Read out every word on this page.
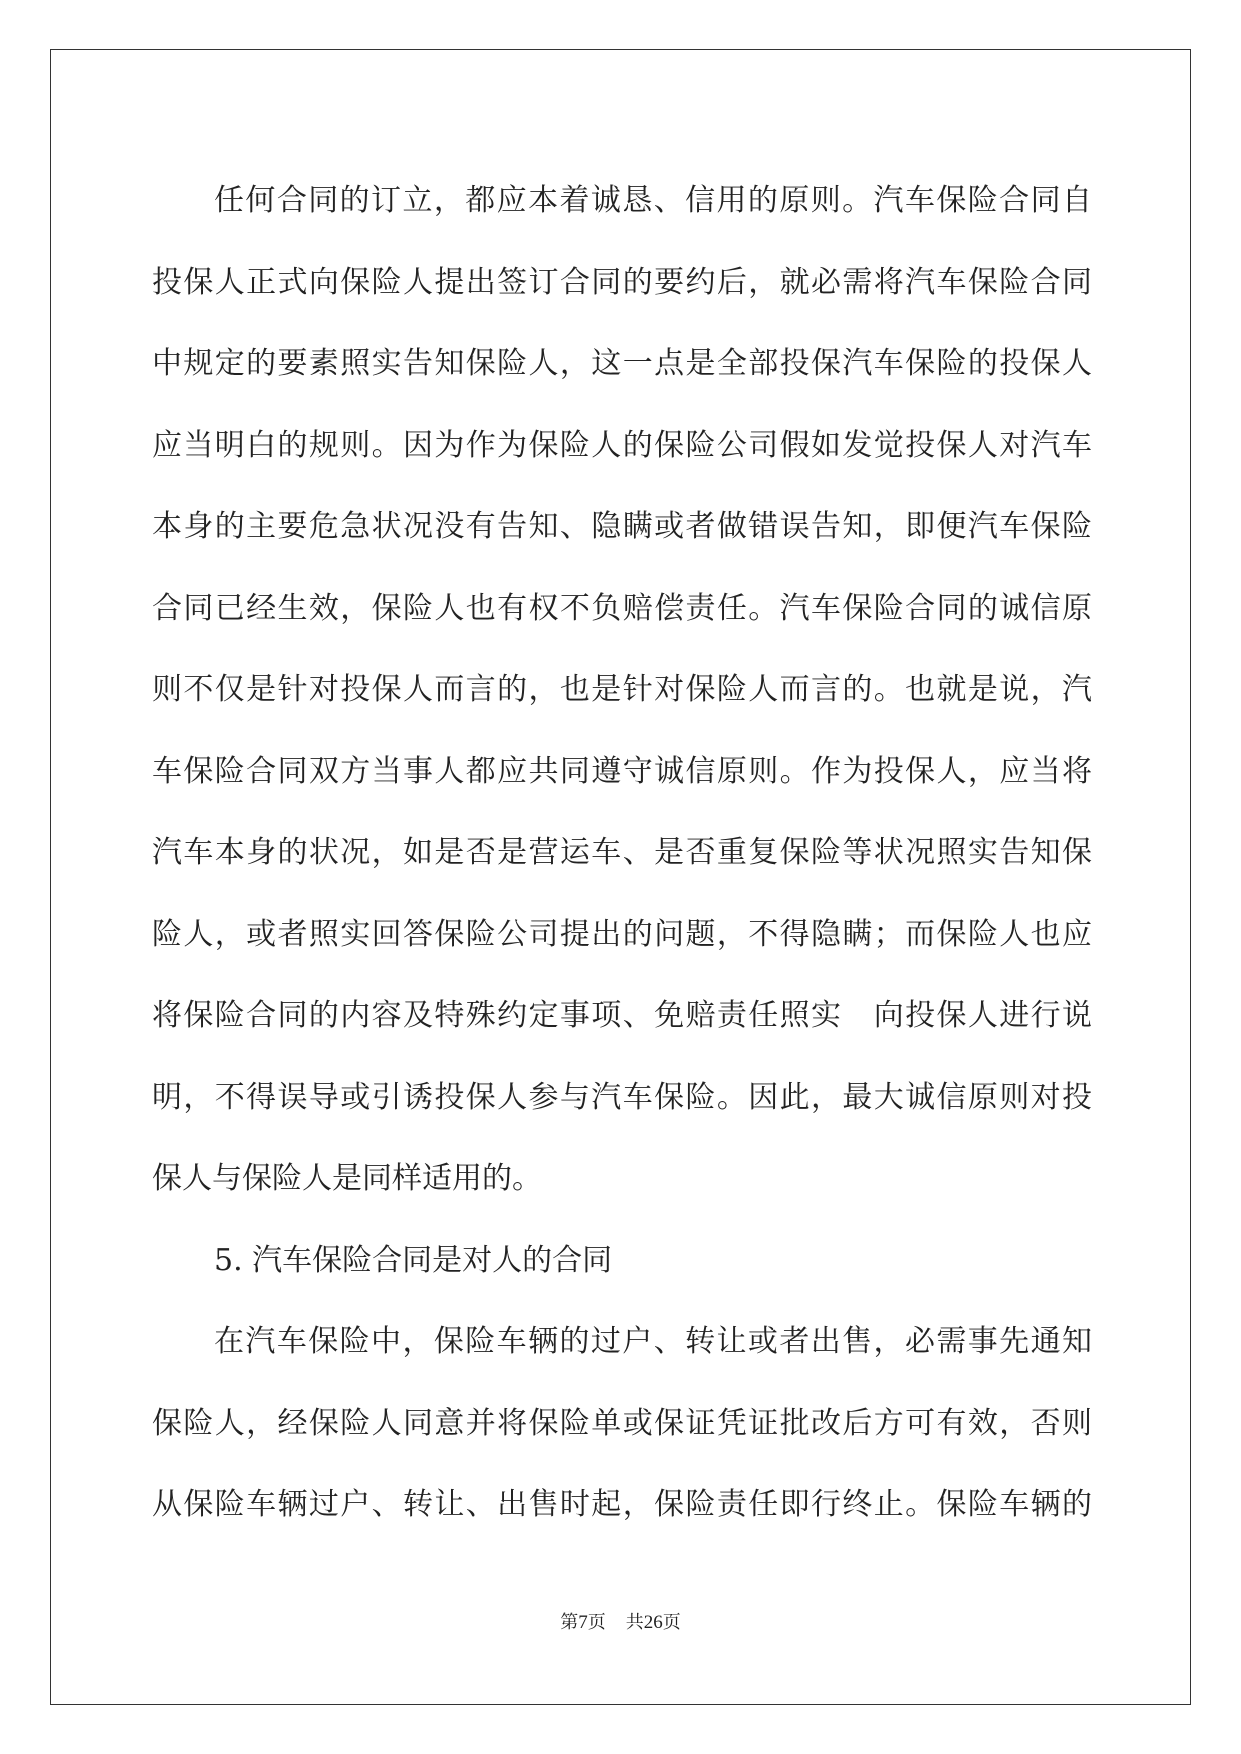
任何合同的订立，都应本着诚恳、信用的原则。汽车保险合同自
投保人正式向保险人提出签订合同的要约后，就必需将汽车保险合同
中规定的要素照实告知保险人，这一点是全部投保汽车保险的投保人
应当明白的规则。因为作为保险人的保险公司假如发觉投保人对汽车
本身的主要危急状况没有告知、隐瞒或者做错误告知，即便汽车保险
合同已经生效，保险人也有权不负赔偿责任。汽车保险合同的诚信原
则不仅是针对投保人而言的，也是针对保险人而言的。也就是说，汽
车保险合同双方当事人都应共同遵守诚信原则。作为投保人，应当将
汽车本身的状况，如是否是营运车、是否重复保险等状况照实告知保
险人，或者照实回答保险公司提出的问题，不得隐瞒；而保险人也应
将保险合同的内容及特殊约定事项、免赔责任照实　向投保人进行说
明，不得误导或引诱投保人参与汽车保险。因此，最大诚信原则对投
保人与保险人是同样适用的。
5. 汽车保险合同是对人的合同
在汽车保险中，保险车辆的过户、转让或者出售，必需事先通知
保险人，经保险人同意并将保险单或保证凭证批改后方可有效，否则
从保险车辆过户、转让、出售时起，保险责任即行终止。保险车辆的
第7页 共26页
